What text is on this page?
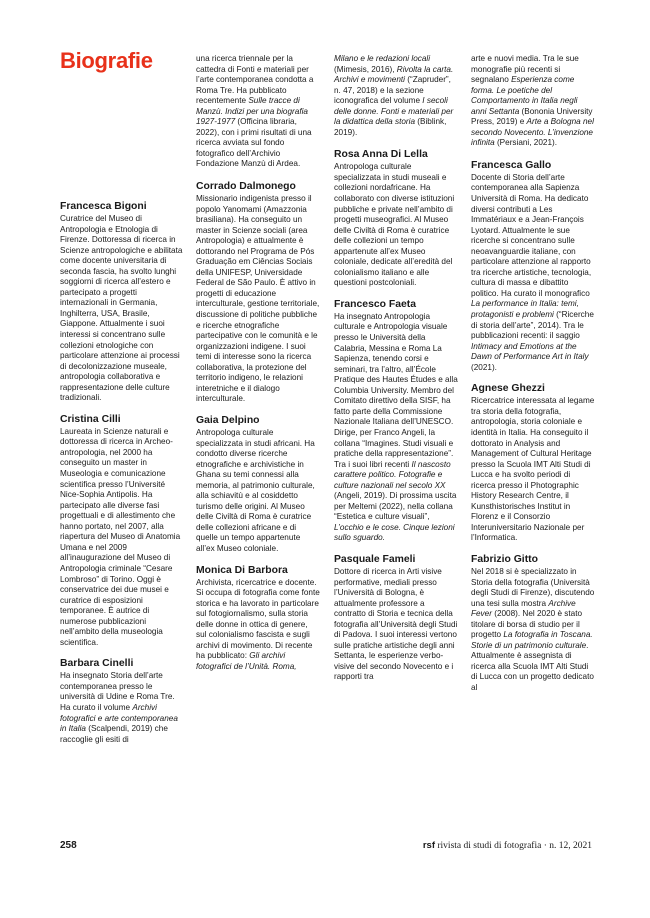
Biografie
Francesca Bigoni

Curatrice del Museo di Antropologia e Etnologia di Firenze. Dottoressa di ricerca in Scienze antropologiche e abilitata come docente universitaria di seconda fascia, ha svolto lunghi soggiorni di ricerca all’estero e partecipato a progetti internazionali in Germania, Inghilterra, USA, Brasile, Giappone. Attualmente i suoi interessi si concentrano sulle collezioni etnologiche con particolare attenzione ai processi di decolonizzazione museale, antropologia collaborativa e rappresentazione delle culture tradizionali.

Cristina Cilli

Laureata in Scienze naturali e dottoressa di ricerca in Archeo-antropologia, nel 2000 ha conseguito un master in Museologia e comunicazione scientifica presso l’Université Nice-Sophia Antipolis. Ha partecipato alle diverse fasi progettuali e di allestimento che hanno portato, nel 2007, alla riapertura del Museo di Anatomia Umana e nel 2009 all’inaugurazione del Museo di Antropologia criminale “Cesare Lombroso” di Torino. Oggi è conservatrice dei due musei e curatrice di esposizioni temporanee. È autrice di numerose pubblicazioni nell’ambito della museologia scientifica.

Barbara Cinelli

Ha insegnato Storia dell’arte contemporanea presso le università di Udine e Roma Tre. Ha curato il volume Archivi fotografici e arte contemporanea in Italia (Scalpendi, 2019) che raccoglie gli esiti di

una ricerca triennale per la cattedra di Fonti e materiali per l’arte contemporanea condotta a Roma Tre. Ha pubblicato recentemente Sulle tracce di Manzù. Indizi per una biografia 1927-1977 (Officina libraria, 2022), con i primi risultati di una ricerca avviata sul fondo fotografico dell’Archivio Fondazione Manzù di Ardea.

Corrado Dalmonego

Missionario indigenista presso il popolo Yanomami (Amazzonia brasiliana). Ha conseguito un master in Scienze sociali (area Antropologia) e attualmente è dottorando nel Programa de Pós Graduação em Ciências Sociais della UNIFESP, Universidade Federal de São Paulo. È attivo in progetti di educazione interculturale, gestione territoriale, discussione di politiche pubbliche e ricerche etnografiche partecipative con le comunità e le organizzazioni indigene. I suoi temi di interesse sono la ricerca collaborativa, la protezione del territorio indigeno, le relazioni interetniche e il dialogo interculturale.

Gaia Delpino

Antropologa culturale specializzata in studi africani. Ha condotto diverse ricerche etnografiche e archivistiche in Ghana su temi connessi alla memoria, al patrimonio culturale, alla schiavitù e al cosiddetto turismo delle origini. Al Museo delle Civiltà di Roma è curatrice delle collezioni africane e di quelle un tempo appartenute all’ex Museo coloniale.

Monica Di Barbora

Archivista, ricercatrice e docente. Si occupa di fotografia come fonte storica e ha lavorato in particolare sul fotogiornalismo, sulla storia delle donne in ottica di genere, sul colonialismo fascista e sugli archivi di movimento. Di recente ha pubblicato: Gli archivi fotografici de l’Unità. Roma,

Milano e le redazioni locali (Mimesis, 2016), Rivolta la carta. Archivi e movimenti (“Zapruder”, n. 47, 2018) e la sezione iconografica del volume I secoli delle donne. Fonti e materiali per la didattica della storia (Biblink, 2019).

Rosa Anna Di Lella

Antropologa culturale specializzata in studi museali e collezioni nordafricane. Ha collaborato con diverse istituzioni pubbliche e private nell’ambito di progetti museografici. Al Museo delle Civiltà di Roma è curatrice delle collezioni un tempo appartenute all’ex Museo coloniale, dedicate all’eredità del colonialismo italiano e alle questioni postcoloniali.

Francesco Faeta

Ha insegnato Antropologia culturale e Antropologia visuale presso le Università della Calabria, Messina e Roma La Sapienza, tenendo corsi e seminari, tra l’altro, all’École Pratique des Hautes Études e alla Columbia University. Membro del Comitato direttivo della SISF, ha fatto parte della Commissione Nazionale Italiana dell’UNESCO. Dirige, per Franco Angeli, la collana “Imagines. Studi visuali e pratiche della rappresentazione”. Tra i suoi libri recenti Il nascosto carattere politico. Fotografie e culture nazionali nel secolo XX (Angeli, 2019). Di prossima uscita per Meltemi (2022), nella collana “Estetica e culture visuali”, L’occhio e le cose. Cinque lezioni sullo sguardo.

Pasquale Fameli

Dottore di ricerca in Arti visive performative, mediali presso l’Università di Bologna, è attualmente professore a contratto di Storia e tecnica della fotografia all’Università degli Studi di Padova. I suoi interessi vertono sulle pratiche artistiche degli anni Settanta, le esperienze verbo-visive del secondo Novecento e i rapporti tra

arte e nuovi media. Tra le sue monografie più recenti si segnalano Esperienza come forma. Le poetiche del Comportamento in Italia negli anni Settanta (Bononia University Press, 2019) e Arte a Bologna nel secondo Novecento. L’invenzione infinita (Persiani, 2021).

Francesca Gallo

Docente di Storia dell’arte contemporanea alla Sapienza Università di Roma. Ha dedicato diversi contributi a Les Immatériaux e a Jean-François Lyotard. Attualmente le sue ricerche si concentrano sulle neoavanguardie italiane, con particolare attenzione al rapporto tra ricerche artistiche, tecnologia, cultura di massa e dibattito politico. Ha curato il monografico La performance in Italia: temi, protagonisti e problemi (“Ricerche di storia dell’arte”, 2014). Tra le pubblicazioni recenti: il saggio Intimacy and Emotions at the Dawn of Performance Art in Italy (2021).

Agnese Ghezzi

Ricercatrice interessata al legame tra storia della fotografia, antropologia, storia coloniale e identità in Italia. Ha conseguito il dottorato in Analysis and Management of Cultural Heritage presso la Scuola IMT Alti Studi di Lucca e ha svolto periodi di ricerca presso il Photographic History Research Centre, il Kunsthistorisches Institut in Florenz e il Consorzio Interuniversitario Nazionale per l’Informatica.

Fabrizio Gitto

Nel 2018 si è specializzato in Storia della fotografia (Università degli Studi di Firenze), discutendo una tesi sulla mostra Archive Fever (2008). Nel 2020 è stato titolare di borsa di studio per il progetto La fotografia in Toscana. Storie di un patrimonio culturale. Attualmente è assegnista di ricerca alla Scuola IMT Alti Studi di Lucca con un progetto dedicato al

258	rsf rivista di studi di fotografia · n. 12, 2021
